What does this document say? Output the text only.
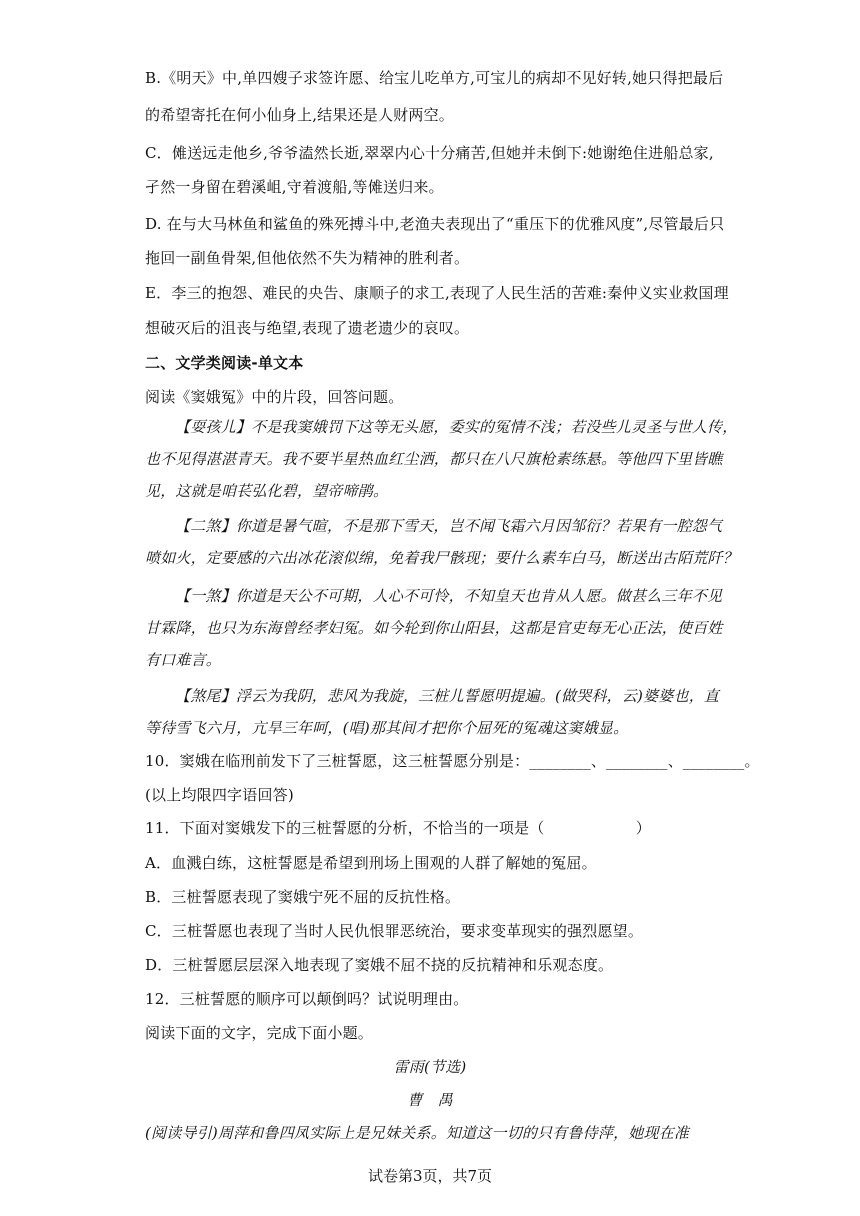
B.《明天》中,单四嫂子求签许愿、给宝儿吃单方,可宝儿的病却不见好转,她只得把最后
的希望寄托在何小仙身上,结果还是人财两空。
C．傩送远走他乡,爷爷溘然长逝,翠翠内心十分痛苦,但她并未倒下:她谢绝住进船总家,
孑然一身留在碧溪岨,守着渡船,等傩送归来。
D. 在与大马林鱼和鲨鱼的殊死搏斗中,老渔夫表现出了“重压下的优雅风度”,尽管最后只
拖回一副鱼骨架,但他依然不失为精神的胜利者。
E．李三的抱怨、难民的央告、康顺子的求工,表现了人民生活的苦难:秦仲义实业救国理
想破灭后的沮丧与绝望,表现了遗老遗少的哀叹。
二、文学类阅读-单文本
阅读《窦娥冤》中的片段，回答问题。
【耍孩儿】不是我窦娥罚下这等无头愿，委实的冤情不浅；若没些儿灵圣与世人传，
也不见得湛湛青天。我不要半星热血红尘洒，都只在八尺旗枪素练悬。等他四下里皆瞧
见，这就是咱苌弘化碧，望帝啼鹃。
【二煞】你道是暑气暄，不是那下雪天，岂不闻飞霜六月因邹衍？若果有一腔怨气
喷如火，定要感的六出冰花滚似绵，免着我尸骸现；要什么素车白马，断送出古陌荒阡？
【一煞】你道是天公不可期，人心不可怜，不知皇天也肯从人愿。做甚么三年不见
甘霖降，也只为东海曾经孝妇冤。如今轮到你山阳县，这都是官吏每无心正法，使百姓
有口难言。
【煞尾】浮云为我阴，悲风为我旋，三桩儿誓愿明提遍。(做哭科，云)婆婆也，直
等待雪飞六月，亢旱三年呵，(唱)那其间才把你个屈死的冤魂这窦娥显。
10．窦娥在临刑前发下了三桩誓愿，这三桩誓愿分别是：________、________、________。
(以上均限四字语回答)
11．下面对窦娥发下的三桩誓愿的分析，不恰当的一项是（　　　　　　）
A．血溅白练，这桩誓愿是希望到刑场上围观的人群了解她的冤屈。
B．三桩誓愿表现了窦娥宁死不屈的反抗性格。
C．三桩誓愿也表现了当时人民仇恨罪恶统治，要求变革现实的强烈愿望。
D．三桩誓愿层层深入地表现了窦娥不屈不挠的反抗精神和乐观态度。
12．三桩誓愿的顺序可以颠倒吗？试说明理由。
阅读下面的文字，完成下面小题。
雷雨(节选)
曹　禺
(阅读导引)周萍和鲁四凤实际上是兄妹关系。知道这一切的只有鲁侍萍，她现在准
试卷第3页，共7页
